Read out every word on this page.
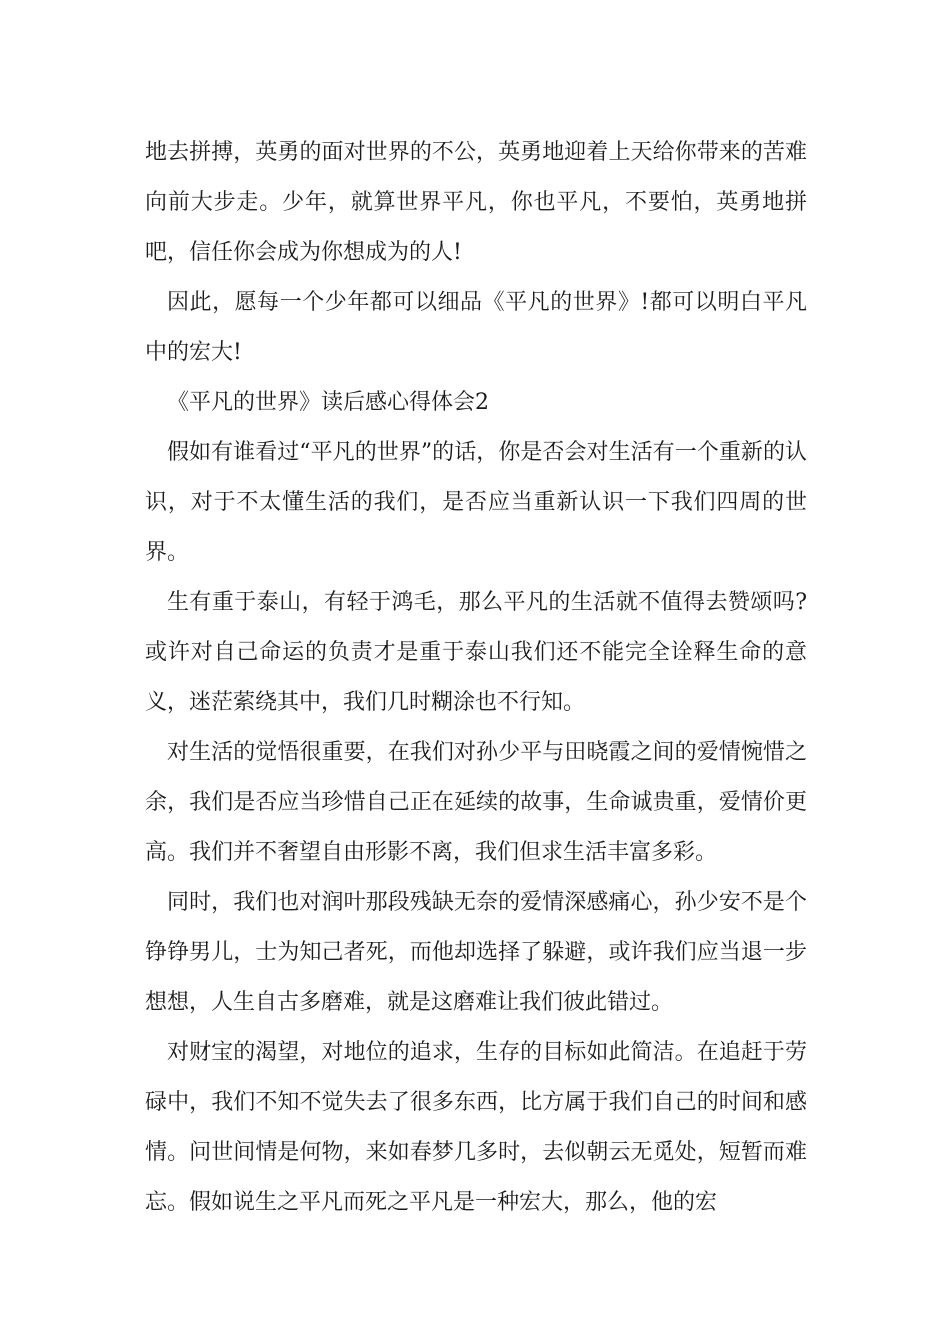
地去拼搏，英勇的面对世界的不公，英勇地迎着上天给你带来的苦难向前大步走。少年，就算世界平凡，你也平凡，不要怕，英勇地拼吧，信任你会成为你想成为的人!

因此，愿每一个少年都可以细品《平凡的世界》!都可以明白平凡中的宏大!

《平凡的世界》读后感心得体会2

假如有谁看过“平凡的世界”的话，你是否会对生活有一个重新的认识，对于不太懂生活的我们，是否应当重新认识一下我们四周的世界。

生有重于泰山，有轻于鸿毛，那么平凡的生活就不值得去赞颂吗?或许对自己命运的负责才是重于泰山我们还不能完全诠释生命的意义，迷茫萦绕其中，我们几时糊涂也不行知。

对生活的觉悟很重要，在我们对孙少平与田晓霞之间的爱情惋惜之余，我们是否应当珍惜自己正在延续的故事，生命诚贵重，爱情价更高。我们并不奢望自由形影不离，我们但求生活丰富多彩。

同时，我们也对润叶那段残缺无奈的爱情深感痛心，孙少安不是个铮铮男儿，士为知己者死，而他却选择了躲避，或许我们应当退一步想想，人生自古多磨难，就是这磨难让我们彼此错过。

对财宝的渴望，对地位的追求，生存的目标如此简洁。在追赶于劳碌中，我们不知不觉失去了很多东西，比方属于我们自己的时间和感情。问世间情是何物，来如春梦几多时，去似朝云无觅处，短暂而难忘。假如说生之平凡而死之平凡是一种宏大，那么，他的宏
